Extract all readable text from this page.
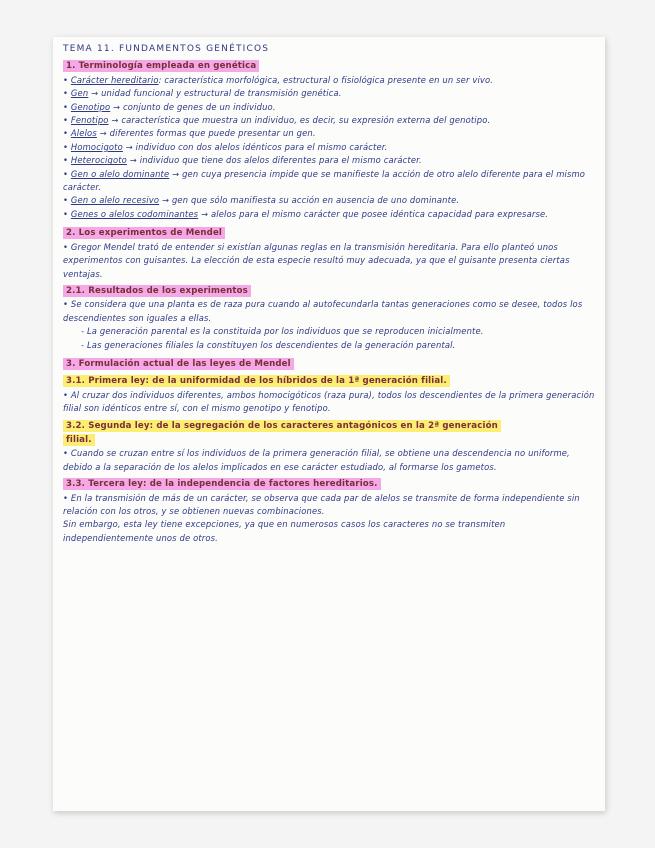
TEMA 11. FUNDAMENTOS GENÉTICOS

1. Terminología empleada en genética

• Carácter hereditario: característica morfológica, estructural o fisiológica presente en un ser vivo.

• Gen → unidad funcional y estructural de transmisión genética.

• Genotipo → conjunto de genes de un individuo.

• Fenotipo → característica que muestra un individuo, es decir, su expresión externa del genotipo.

• Alelos → diferentes formas que puede presentar un gen.

• Homocigoto → individuo con dos alelos idénticos para el mismo carácter.

• Heterocigoto → individuo que tiene dos alelos diferentes para el mismo carácter.

• Gen o alelo dominante → gen cuya presencia impide que se manifieste la acción de otro alelo diferente para el mismo carácter.

• Gen o alelo recesivo → gen que sólo manifiesta su acción en ausencia de uno dominante.

• Genes o alelos codominantes → alelos para el mismo carácter que posee idéntica capacidad para expresarse.

2. Los experimentos de Mendel

• Gregor Mendel trató de entender si existían algunas reglas en la transmisión hereditaria. Para ello planteó unos experimentos con guisantes. La elección de esta especie resultó muy adecuada, ya que el guisante presenta ciertas ventajas.

2.1. Resultados de los experimentos

• Se considera que una planta es de raza pura cuando al autofecundarla tantas generaciones como se desee, todos los descendientes son iguales a ellas.

- La generación parental es la constituida por los individuos que se reproducen inicialmente.

- Las generaciones filiales la constituyen los descendientes de la generación parental.

3. Formulación actual de las leyes de Mendel

3.1. Primera ley: de la uniformidad de los híbridos de la 1ª generación filial.

• Al cruzar dos individuos diferentes, ambos homocigóticos (raza pura), todos los descendientes de la primera generación filial son idénticos entre sí, con el mismo genotipo y fenotipo.

3.2. Segunda ley: de la segregación de los caracteres antagónicos en la 2ª generación
filial.

• Cuando se cruzan entre sí los individuos de la primera generación filial, se obtiene una descendencia no uniforme, debido a la separación de los alelos implicados en ese carácter estudiado, al formarse los gametos.

3.3. Tercera ley: de la independencia de factores hereditarios.

• En la transmisión de más de un carácter, se observa que cada par de alelos se transmite de forma independiente sin relación con los otros, y se obtienen nuevas combinaciones.

Sin embargo, esta ley tiene excepciones, ya que en numerosos casos los caracteres no se transmiten independientemente unos de otros.
